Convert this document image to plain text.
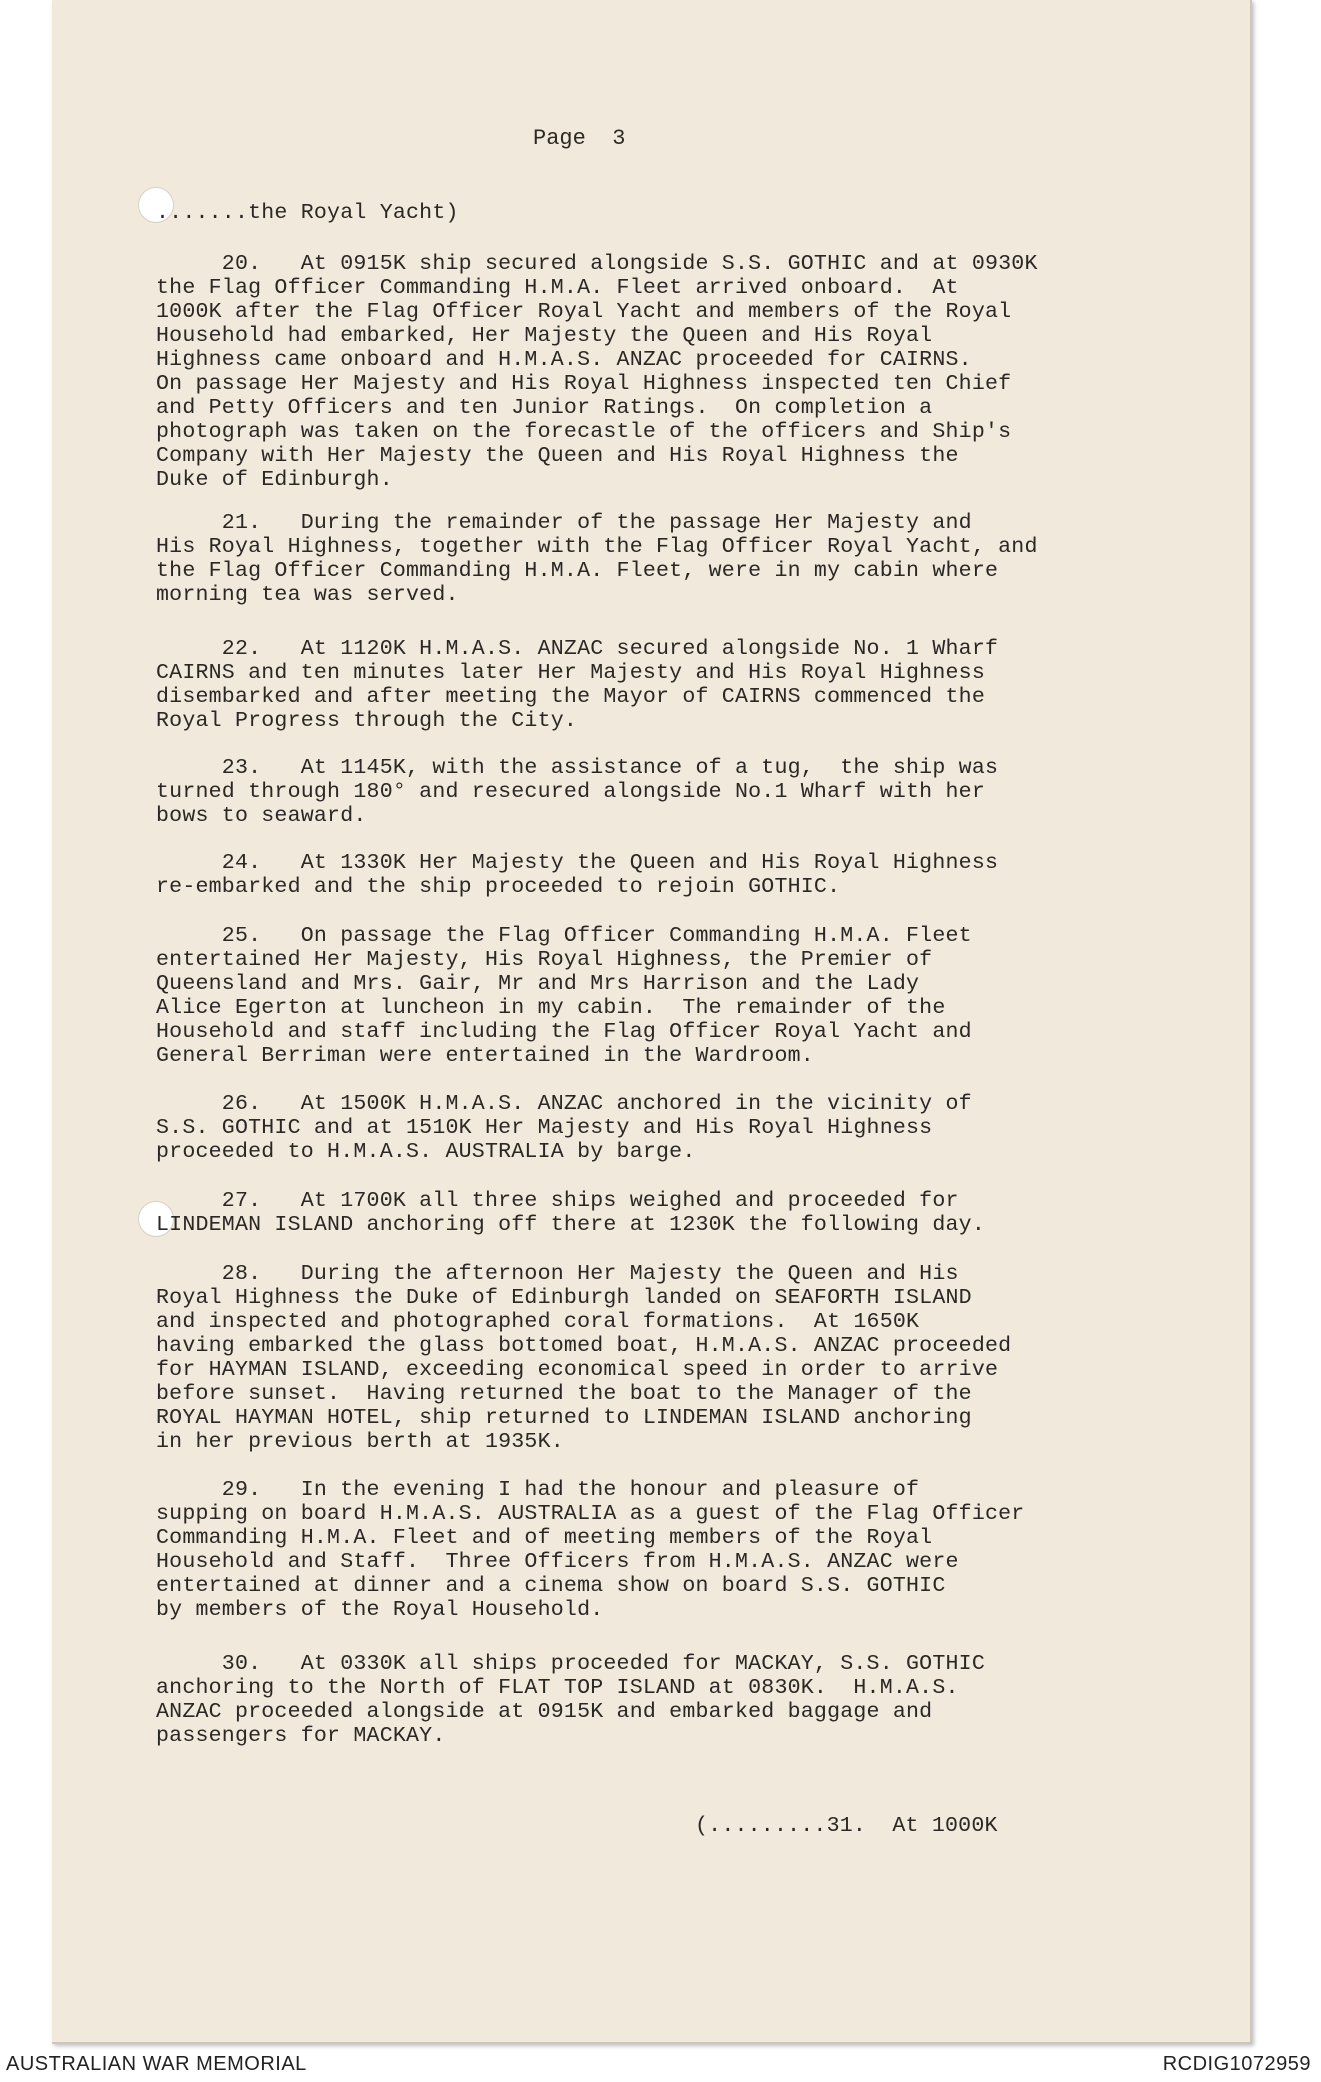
Page  3
.......the Royal Yacht)
20.   At 0915K ship secured alongside S.S. GOTHIC and at 0930K
the Flag Officer Commanding H.M.A. Fleet arrived onboard.  At
1000K after the Flag Officer Royal Yacht and members of the Royal
Household had embarked, Her Majesty the Queen and His Royal
Highness came onboard and H.M.A.S. ANZAC proceeded for CAIRNS.
On passage Her Majesty and His Royal Highness inspected ten Chief
and Petty Officers and ten Junior Ratings.  On completion a
photograph was taken on the forecastle of the officers and Ship's
Company with Her Majesty the Queen and His Royal Highness the
Duke of Edinburgh.
21.   During the remainder of the passage Her Majesty and
His Royal Highness, together with the Flag Officer Royal Yacht, and
the Flag Officer Commanding H.M.A. Fleet, were in my cabin where
morning tea was served.
22.   At 1120K H.M.A.S. ANZAC secured alongside No. 1 Wharf
CAIRNS and ten minutes later Her Majesty and His Royal Highness
disembarked and after meeting the Mayor of CAIRNS commenced the
Royal Progress through the City.
23.   At 1145K, with the assistance of a tug,  the ship was
turned through 180° and resecured alongside No.1 Wharf with her
bows to seaward.
24.   At 1330K Her Majesty the Queen and His Royal Highness
re-embarked and the ship proceeded to rejoin GOTHIC.
25.   On passage the Flag Officer Commanding H.M.A. Fleet
entertained Her Majesty, His Royal Highness, the Premier of
Queensland and Mrs. Gair, Mr and Mrs Harrison and the Lady
Alice Egerton at luncheon in my cabin.  The remainder of the
Household and staff including the Flag Officer Royal Yacht and
General Berriman were entertained in the Wardroom.
26.   At 1500K H.M.A.S. ANZAC anchored in the vicinity of
S.S. GOTHIC and at 1510K Her Majesty and His Royal Highness
proceeded to H.M.A.S. AUSTRALIA by barge.
27.   At 1700K all three ships weighed and proceeded for
LINDEMAN ISLAND anchoring off there at 1230K the following day.
28.   During the afternoon Her Majesty the Queen and His
Royal Highness the Duke of Edinburgh landed on SEAFORTH ISLAND
and inspected and photographed coral formations.  At 1650K
having embarked the glass bottomed boat, H.M.A.S. ANZAC proceeded
for HAYMAN ISLAND, exceeding economical speed in order to arrive
before sunset.  Having returned the boat to the Manager of the
ROYAL HAYMAN HOTEL, ship returned to LINDEMAN ISLAND anchoring
in her previous berth at 1935K.
29.   In the evening I had the honour and pleasure of
supping on board H.M.A.S. AUSTRALIA as a guest of the Flag Officer
Commanding H.M.A. Fleet and of meeting members of the Royal
Household and Staff.  Three Officers from H.M.A.S. ANZAC were
entertained at dinner and a cinema show on board S.S. GOTHIC
by members of the Royal Household.
30.   At 0330K all ships proceeded for MACKAY, S.S. GOTHIC
anchoring to the North of FLAT TOP ISLAND at 0830K.  H.M.A.S.
ANZAC proceeded alongside at 0915K and embarked baggage and
passengers for MACKAY.
(.........31.  At 1000K
AUSTRALIAN WAR MEMORIAL	RCDIG1072959
